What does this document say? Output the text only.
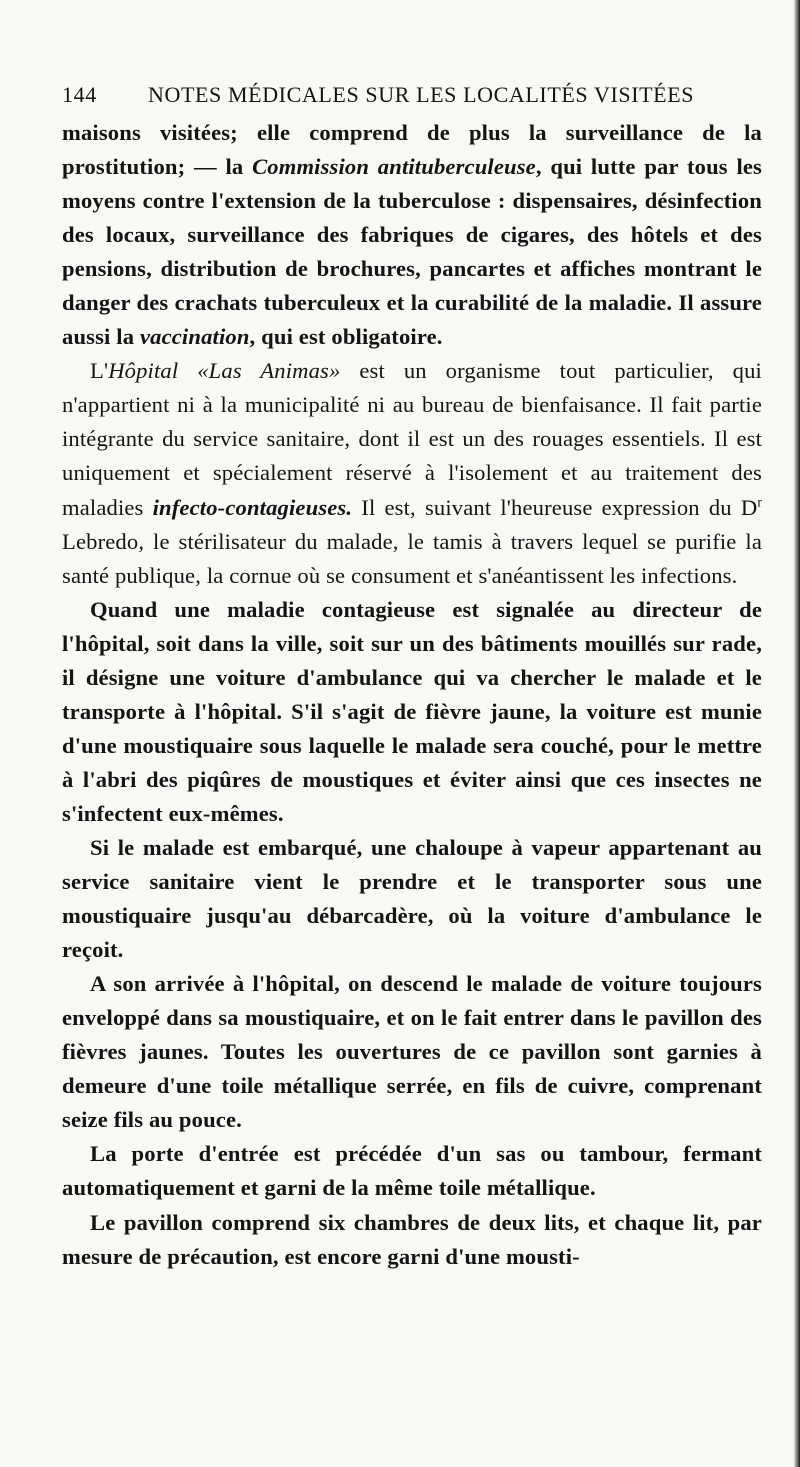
144 NOTES MÉDICALES SUR LES LOCALITÉS VISITÉES

maisons visitées; elle comprend de plus la surveillance de la prostitution; — la Commission antituberculeuse, qui lutte par tous les moyens contre l'extension de la tuberculose : dispensaires, désinfection des locaux, surveillance des fabriques de cigares, des hôtels et des pensions, distribution de brochures, pancartes et affiches montrant le danger des crachats tuberculeux et la curabilité de la maladie. Il assure aussi la vaccination, qui est obligatoire.

L'Hôpital «Las Animas» est un organisme tout particulier, qui n'appartient ni à la municipalité ni au bureau de bienfaisance. Il fait partie intégrante du service sanitaire, dont il est un des rouages essentiels. Il est uniquement et spécialement réservé à l'isolement et au traitement des maladies infecto-contagieuses. Il est, suivant l'heureuse expression du $D^r$ Lebredo, le stérilisateur du malade, le tamis à travers lequel se purifie la santé publique, la cornue où se consument et s'anéantissent les infections.

Quand une maladie contagieuse est signalée au directeur de l'hôpital, soit dans la ville, soit sur un des bâtiments mouillés sur rade, il désigne une voiture d'ambulance qui va chercher le malade et le transporte à l'hôpital. S'il s'agit de fièvre jaune, la voiture est munie d'une moustiquaire sous laquelle le malade sera couché, pour le mettre à l'abri des piqûres de moustiques et éviter ainsi que ces insectes ne s'infectent eux-mêmes.

Si le malade est embarqué, une chaloupe à vapeur appartenant au service sanitaire vient le prendre et le transporter sous une moustiquaire jusqu'au débarcadère, où la voiture d'ambulance le reçoit.

A son arrivée à l'hôpital, on descend le malade de voiture toujours enveloppé dans sa moustiquaire, et on le fait entrer dans le pavillon des fièvres jaunes. Toutes les ouvertures de ce pavillon sont garnies à demeure d'une toile métallique serrée, en fils de cuivre, comprenant seize fils au pouce.

La porte d'entrée est précédée d'un sas ou tambour, fermant automatiquement et garni de la même toile métallique.

Le pavillon comprend six chambres de deux lits, et chaque lit, par mesure de précaution, est encore garni d'une mousti-
